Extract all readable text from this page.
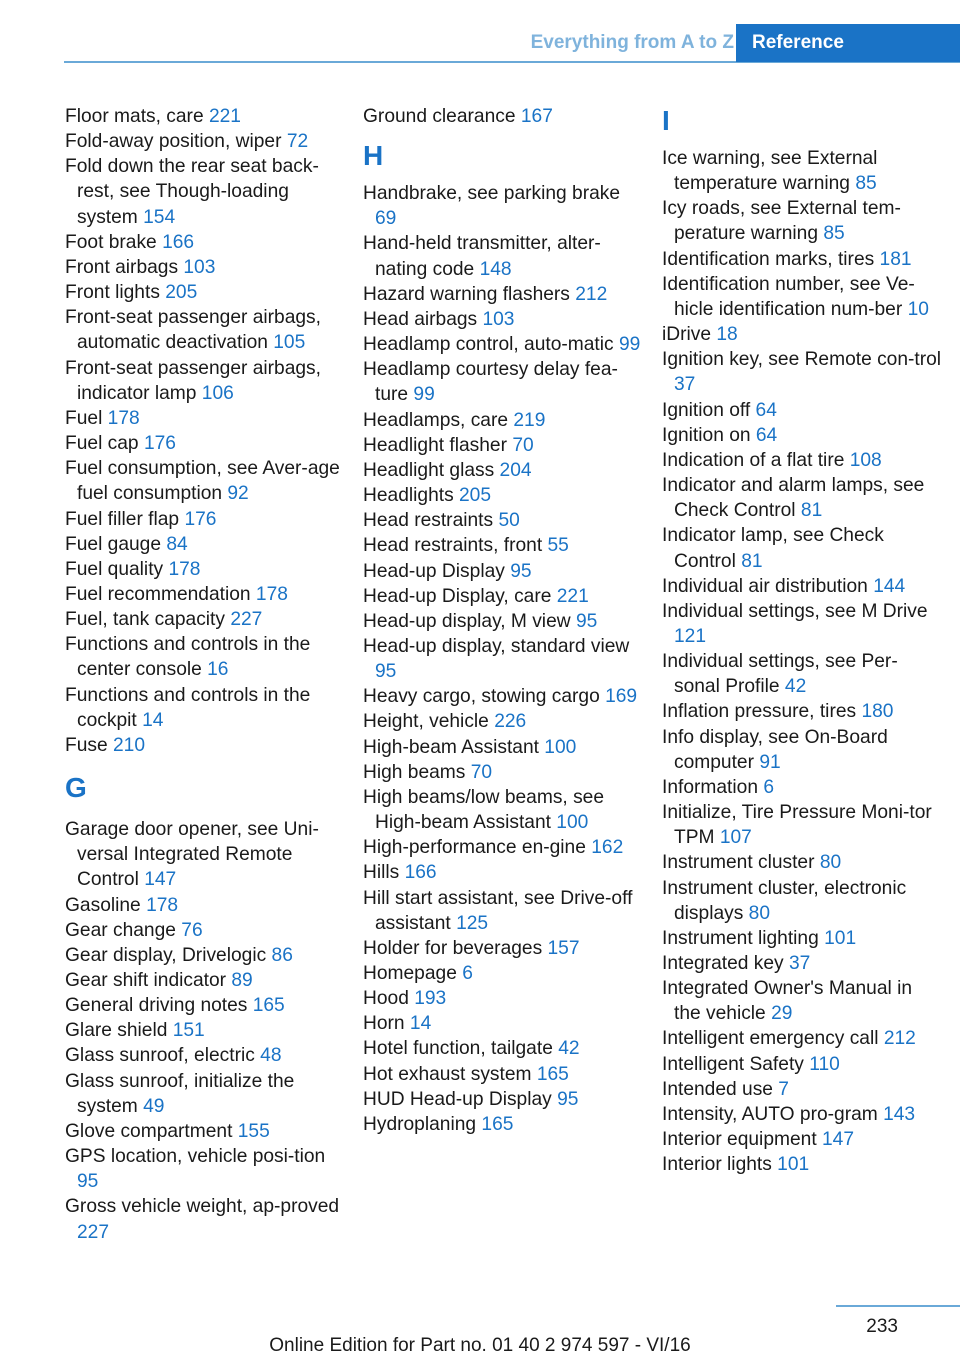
Everything from A to Z Reference
Floor mats, care 221
Fold-away position, wiper 72
Fold down the rear seat back-rest, see Though-loading system 154
Foot brake 166
Front airbags 103
Front lights 205
Front-seat passenger airbags, automatic deactivation 105
Front-seat passenger airbags, indicator lamp 106
Fuel 178
Fuel cap 176
Fuel consumption, see Aver-age fuel consumption 92
Fuel filler flap 176
Fuel gauge 84
Fuel quality 178
Fuel recommendation 178
Fuel, tank capacity 227
Functions and controls in the center console 16
Functions and controls in the cockpit 14
Fuse 210
G
Garage door opener, see Uni-versal Integrated Remote Control 147
Gasoline 178
Gear change 76
Gear display, Drivelogic 86
Gear shift indicator 89
General driving notes 165
Glare shield 151
Glass sunroof, electric 48
Glass sunroof, initialize the system 49
Glove compartment 155
GPS location, vehicle posi-tion 95
Gross vehicle weight, ap-proved 227
Ground clearance 167
H
Handbrake, see parking brake 69
Hand-held transmitter, alter-nating code 148
Hazard warning flashers 212
Head airbags 103
Headlamp control, auto-matic 99
Headlamp courtesy delay fea-ture 99
Headlamps, care 219
Headlight flasher 70
Headlight glass 204
Headlights 205
Head restraints 50
Head restraints, front 55
Head-up Display 95
Head-up Display, care 221
Head-up display, M view 95
Head-up display, standard view 95
Heavy cargo, stowing cargo 169
Height, vehicle 226
High-beam Assistant 100
High beams 70
High beams/low beams, see High-beam Assistant 100
High-performance en-gine 162
Hills 166
Hill start assistant, see Drive-off assistant 125
Holder for beverages 157
Homepage 6
Hood 193
Horn 14
Hotel function, tailgate 42
Hot exhaust system 165
HUD Head-up Display 95
Hydroplaning 165
I
Ice warning, see External temperature warning 85
Icy roads, see External tem-perature warning 85
Identification marks, tires 181
Identification number, see Ve-hicle identification num-ber 10
iDrive 18
Ignition key, see Remote con-trol 37
Ignition off 64
Ignition on 64
Indication of a flat tire 108
Indicator and alarm lamps, see Check Control 81
Indicator lamp, see Check Control 81
Individual air distribution 144
Individual settings, see M Drive 121
Individual settings, see Per-sonal Profile 42
Inflation pressure, tires 180
Info display, see On-Board computer 91
Information 6
Initialize, Tire Pressure Moni-tor TPM 107
Instrument cluster 80
Instrument cluster, electronic displays 80
Instrument lighting 101
Integrated key 37
Integrated Owner's Manual in the vehicle 29
Intelligent emergency call 212
Intelligent Safety 110
Intended use 7
Intensity, AUTO pro-gram 143
Interior equipment 147
Interior lights 101
233
Online Edition for Part no. 01 40 2 974 597 - VI/16
